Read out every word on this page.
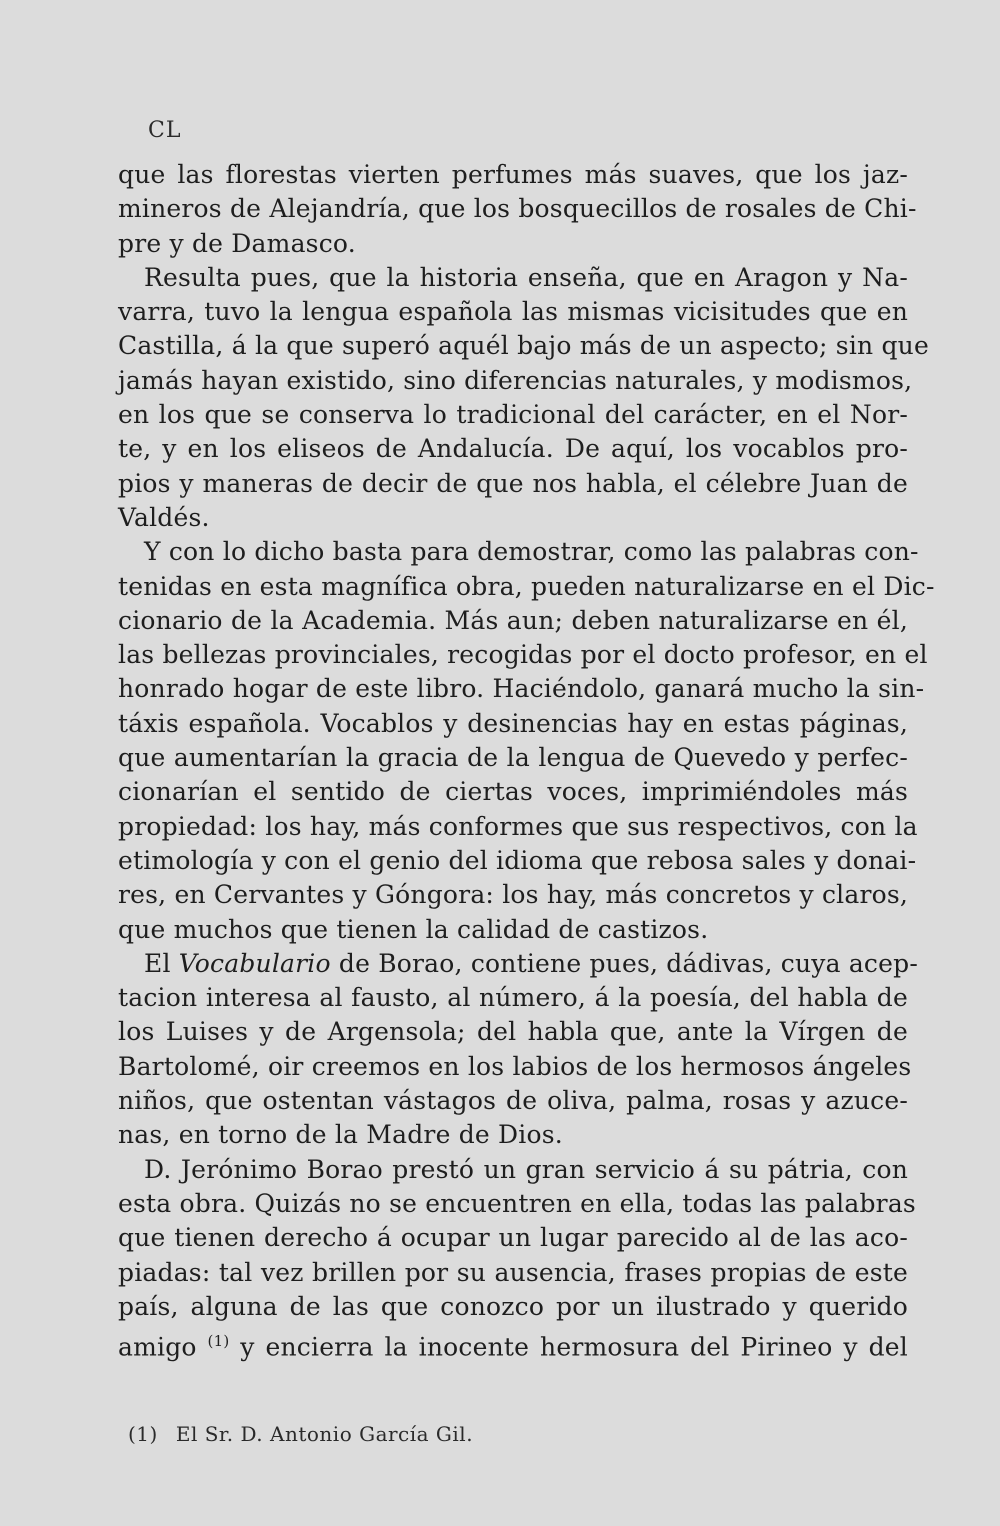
CL
que las florestas vierten perfumes más suaves, que los jaz-
mineros de Alejandría, que los bosquecillos de rosales de Chi-
pre y de Damasco.
Resulta pues, que la historia enseña, que en Aragon y Na-
varra, tuvo la lengua española las mismas vicisitudes que en
Castilla, á la que superó aquél bajo más de un aspecto; sin que
jamás hayan existido, sino diferencias naturales, y modismos,
en los que se conserva lo tradicional del carácter, en el Nor-
te, y en los eliseos de Andalucía. De aquí, los vocablos pro-
pios y maneras de decir de que nos habla, el célebre Juan de
Valdés.
Y con lo dicho basta para demostrar, como las palabras con-
tenidas en esta magnífica obra, pueden naturalizarse en el Dic-
cionario de la Academia. Más aun; deben naturalizarse en él,
las bellezas provinciales, recogidas por el docto profesor, en el
honrado hogar de este libro. Haciéndolo, ganará mucho la sin-
táxis española. Vocablos y desinencias hay en estas páginas,
que aumentarían la gracia de la lengua de Quevedo y perfec-
cionarían el sentido de ciertas voces, imprimiéndoles más
propiedad: los hay, más conformes que sus respectivos, con la
etimología y con el genio del idioma que rebosa sales y donai-
res, en Cervantes y Góngora: los hay, más concretos y claros,
que muchos que tienen la calidad de castizos.
El Vocabulario de Borao, contiene pues, dádivas, cuya acep-
tacion interesa al fausto, al número, á la poesía, del habla de
los Luises y de Argensola; del habla que, ante la Vírgen de
Bartolomé, oir creemos en los labios de los hermosos ángeles
niños, que ostentan vástagos de oliva, palma, rosas y azuce-
nas, en torno de la Madre de Dios.
D. Jerónimo Borao prestó un gran servicio á su pátria, con
esta obra. Quizás no se encuentren en ella, todas las palabras
que tienen derecho á ocupar un lugar parecido al de las aco-
piadas: tal vez brillen por su ausencia, frases propias de este
país, alguna de las que conozco por un ilustrado y querido
amigo $^{(1)}$ y encierra la inocente hermosura del Pirineo y del
(1) El Sr. D. Antonio García Gil.
